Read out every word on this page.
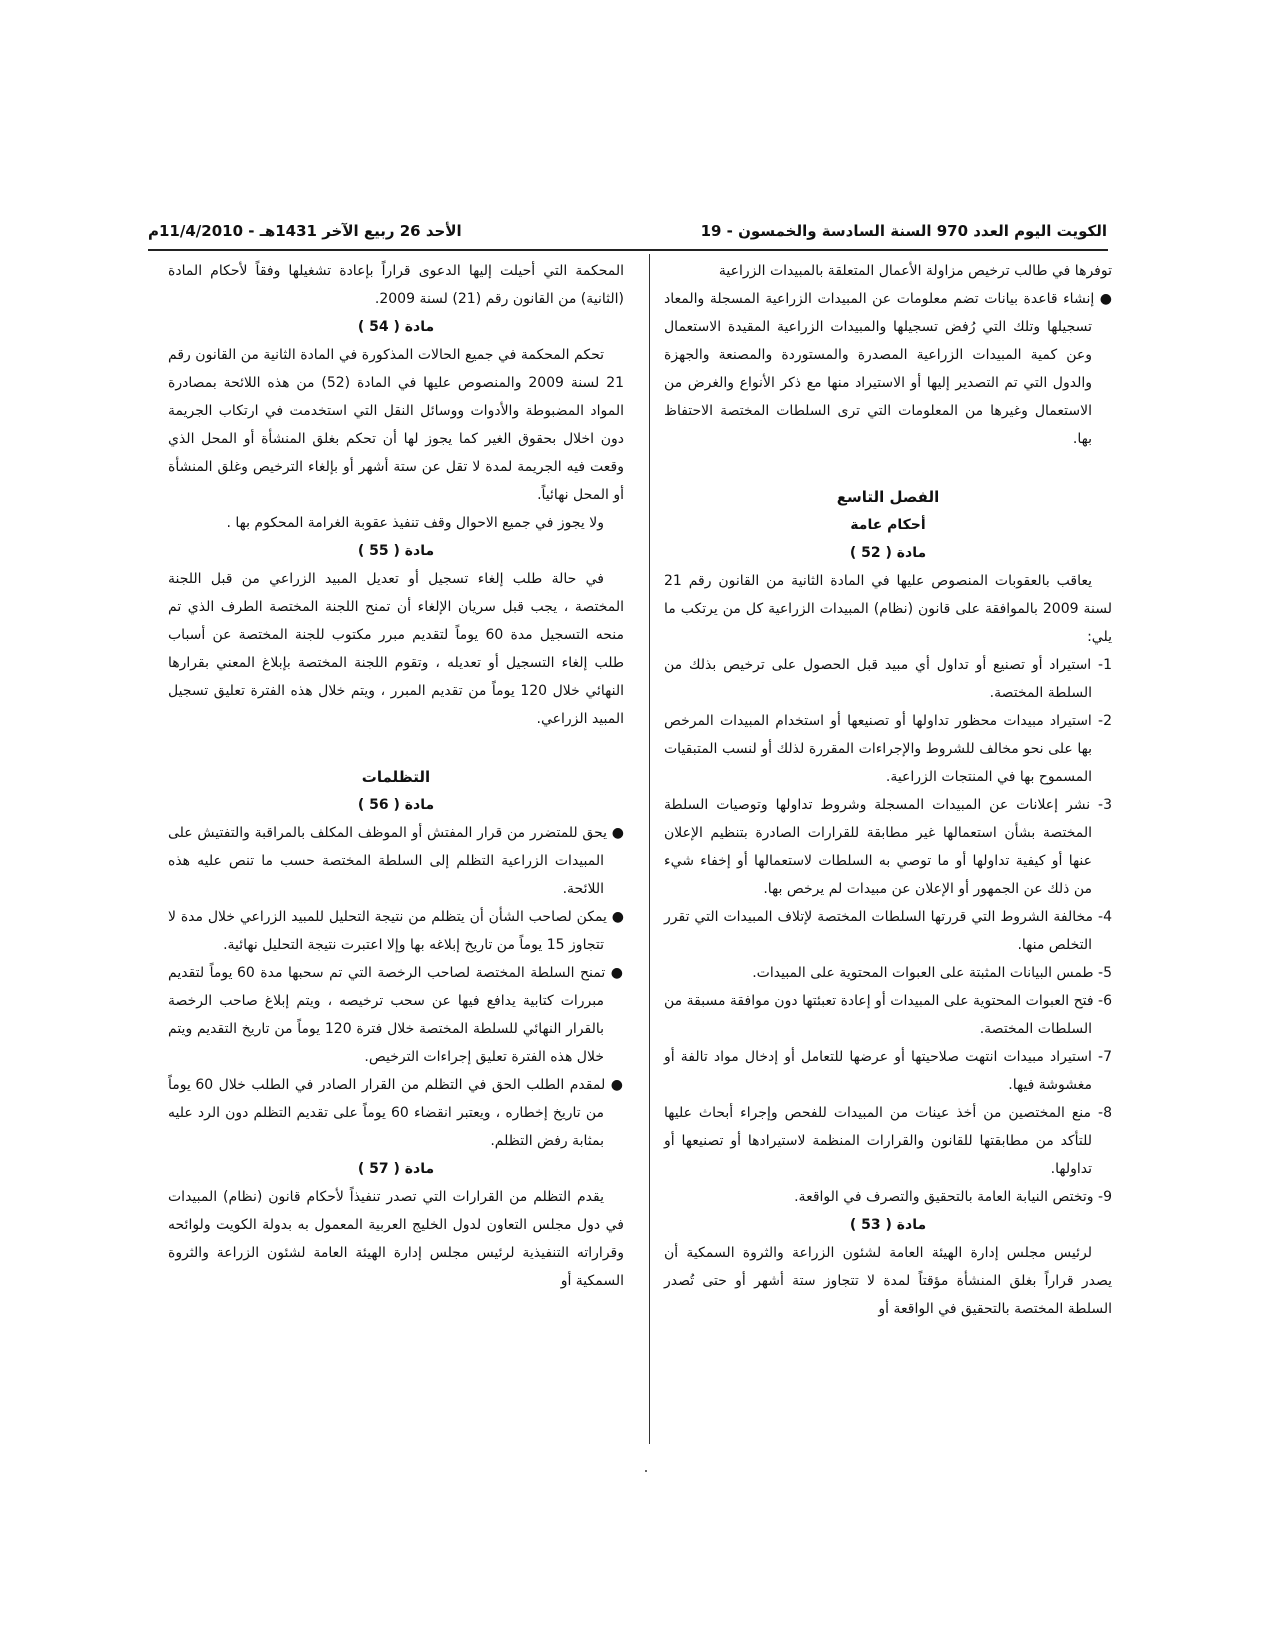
الكويت اليوم العدد 970 السنة السادسة والخمسون - 19
الأحد 26 ربيع الآخر 1431هـ - 11/4/2010م

توفرها في طالب ترخيص مزاولة الأعمال المتعلقة بالمبيدات الزراعية

● إنشاء قاعدة بيانات تضم معلومات عن المبيدات الزراعية المسجلة والمعاد تسجيلها وتلك التي رُفض تسجيلها والمبيدات الزراعية المقيدة الاستعمال وعن كمية المبيدات الزراعية المصدرة والمستوردة والمصنعة والجهزة والدول التي تم التصدير إليها أو الاستيراد منها مع ذكر الأنواع والغرض من الاستعمال وغيرها من المعلومات التي ترى السلطات المختصة الاحتفاظ بها.

الفصل التاسع

أحكام عامة

مادة ( 52 )

يعاقب بالعقوبات المنصوص عليها في المادة الثانية من القانون رقم 21 لسنة 2009 بالموافقة على قانون (نظام) المبيدات الزراعية كل من يرتكب ما يلي:

1- استيراد أو تصنيع أو تداول أي مبيد قبل الحصول على ترخيص بذلك من السلطة المختصة.

2- استيراد مبيدات محظور تداولها أو تصنيعها أو استخدام المبيدات المرخص بها على نحو مخالف للشروط والإجراءات المقررة لذلك أو لنسب المتبقيات المسموح بها في المنتجات الزراعية.

3- نشر إعلانات عن المبيدات المسجلة وشروط تداولها وتوصيات السلطة المختصة بشأن استعمالها غير مطابقة للقرارات الصادرة بتنظيم الإعلان عنها أو كيفية تداولها أو ما توصي به السلطات لاستعمالها أو إخفاء شيء من ذلك عن الجمهور أو الإعلان عن مبيدات لم يرخص بها.

4- مخالفة الشروط التي قررتها السلطات المختصة لإتلاف المبيدات التي تقرر التخلص منها.

5- طمس البيانات المثبتة على العبوات المحتوية على المبيدات.

6- فتح العبوات المحتوية على المبيدات أو إعادة تعبئتها دون موافقة مسبقة من السلطات المختصة.

7- استيراد مبيدات انتهت صلاحيتها أو عرضها للتعامل أو إدخال مواد تالفة أو مغشوشة فيها.

8- منع المختصين من أخذ عينات من المبيدات للفحص وإجراء أبحاث عليها للتأكد من مطابقتها للقانون والقرارات المنظمة لاستيرادها أو تصنيعها أو تداولها.

9- وتختص النيابة العامة بالتحقيق والتصرف في الواقعة.

مادة ( 53 )

لرئيس مجلس إدارة الهيئة العامة لشئون الزراعة والثروة السمكية أن يصدر قراراً بغلق المنشأة مؤقتاً لمدة لا تتجاوز ستة أشهر أو حتى تُصدر السلطة المختصة بالتحقيق في الواقعة أو

المحكمة التي أحيلت إليها الدعوى قراراً بإعادة تشغيلها وفقاً لأحكام المادة (الثانية) من القانون رقم (21) لسنة 2009.

مادة ( 54 )

تحكم المحكمة في جميع الحالات المذكورة في المادة الثانية من القانون رقم 21 لسنة 2009 والمنصوص عليها في المادة (52) من هذه اللائحة بمصادرة المواد المضبوطة والأدوات ووسائل النقل التي استخدمت في ارتكاب الجريمة دون اخلال بحقوق الغير كما يجوز لها أن تحكم بغلق المنشأة أو المحل الذي وقعت فيه الجريمة لمدة لا تقل عن ستة أشهر أو بإلغاء الترخيص وغلق المنشأة أو المحل نهائياً.

ولا يجوز في جميع الاحوال وقف تنفيذ عقوبة الغرامة المحكوم بها .

مادة ( 55 )

في حالة طلب إلغاء تسجيل أو تعديل المبيد الزراعي من قبل اللجنة المختصة ، يجب قبل سريان الإلغاء أن تمنح اللجنة المختصة الطرف الذي تم منحه التسجيل مدة 60 يوماً لتقديم مبرر مكتوب للجنة المختصة عن أسباب طلب إلغاء التسجيل أو تعديله ، وتقوم اللجنة المختصة بإبلاغ المعني بقرارها النهائي خلال 120 يوماً من تقديم المبرر ، ويتم خلال هذه الفترة تعليق تسجيل المبيد الزراعي.

التظلمات

مادة ( 56 )

● يحق للمتضرر من قرار المفتش أو الموظف المكلف بالمراقبة والتفتيش على المبيدات الزراعية التظلم إلى السلطة المختصة حسب ما تنص عليه هذه اللائحة.

● يمكن لصاحب الشأن أن يتظلم من نتيجة التحليل للمبيد الزراعي خلال مدة لا تتجاوز 15 يوماً من تاريخ إبلاغه بها وإلا اعتبرت نتيجة التحليل نهائية.

● تمنح السلطة المختصة لصاحب الرخصة التي تم سحبها مدة 60 يوماً لتقديم مبررات كتابية يدافع فيها عن سحب ترخيصه ، ويتم إبلاغ صاحب الرخصة بالقرار النهائي للسلطة المختصة خلال فترة 120 يوماً من تاريخ التقديم ويتم خلال هذه الفترة تعليق إجراءات الترخيص.

● لمقدم الطلب الحق في التظلم من القرار الصادر في الطلب خلال 60 يوماً من تاريخ إخطاره ، ويعتبر انقضاء 60 يوماً على تقديم التظلم دون الرد عليه بمثابة رفض التظلم.

مادة ( 57 )

يقدم التظلم من القرارات التي تصدر تنفيذاً لأحكام قانون (نظام) المبيدات في دول مجلس التعاون لدول الخليج العربية المعمول به بدولة الكويت ولوائحه وقراراته التنفيذية لرئيس مجلس إدارة الهيئة العامة لشئون الزراعة والثروة السمكية أو
